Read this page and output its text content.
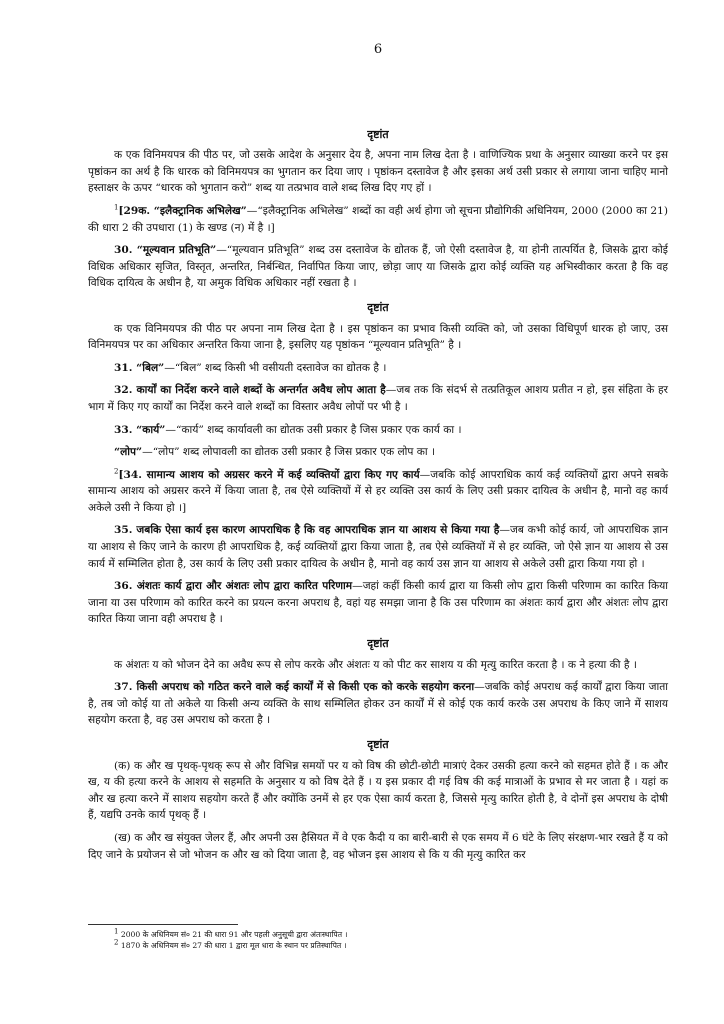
6
दृष्टांत

क एक विनिमयपत्र की पीठ पर, जो उसके आदेश के अनुसार देय है, अपना नाम लिख देता है । वाणिज्यिक प्रथा के अनुसार व्याख्या करने पर इस पृष्ठांकन का अर्थ है कि धारक को विनिमयपत्र का भुगतान कर दिया जाए । पृष्ठांकन दस्तावेज है और इसका अर्थ उसी प्रकार से लगाया जाना चाहिए मानो हस्ताक्षर के ऊपर “धारक को भुगतान करो” शब्द या तत्प्रभाव वाले शब्द लिख दिए गए हों ।

$^1$[29क. “इलैक्ट्रानिक अभिलेख”—“इलैक्ट्रानिक अभिलेख” शब्दों का वही अर्थ होगा जो सूचना प्रौद्योगिकी अधिनियम, 2000 (2000 का 21) की धारा 2 की उपधारा (1) के खण्ड (न) में है ।]

30. “मूल्यवान प्रतिभूति”—“मूल्यवान प्रतिभूति” शब्द उस दस्तावेज के द्योतक हैं, जो ऐसी दस्तावेज है, या होनी तात्पर्यित है, जिसके द्वारा कोई विधिक अधिकार सृजित, विस्तृत, अन्तरित, निर्बन्धित, निर्वापित किया जाए, छोड़ा जाए या जिसके द्वारा कोई व्यक्ति यह अभिस्वीकार करता है कि वह विधिक दायित्व के अधीन है, या अमुक विधिक अधिकार नहीं रखता है ।

दृष्टांत

क एक विनिमयपत्र की पीठ पर अपना नाम लिख देता है । इस पृष्ठांकन का प्रभाव किसी व्यक्ति को, जो उसका विधिपूर्ण धारक हो जाए, उस विनिमयपत्र पर का अधिकार अन्तरित किया जाना है, इसलिए यह पृष्ठांकन “मूल्यवान प्रतिभूति” है ।

31. “बिल”—“बिल” शब्द किसी भी वसीयती दस्तावेज का द्योतक है ।

32. कार्यों का निर्देश करने वाले शब्दों के अन्तर्गत अवैध लोप आता है—जब तक कि संदर्भ से तत्प्रतिकूल आशय प्रतीत न हो, इस संहिता के हर भाग में किए गए कार्यों का निर्देश करने वाले शब्दों का विस्तार अवैध लोपों पर भी है ।

33. “कार्य”—“कार्य” शब्द कार्यावली का द्योतक उसी प्रकार है जिस प्रकार एक कार्य का ।

“लोप”—“लोप” शब्द लोपावली का द्योतक उसी प्रकार है जिस प्रकार एक लोप का ।

$^2$[34. सामान्य आशय को अग्रसर करने में कई व्यक्तियों द्वारा किए गए कार्य—जबकि कोई आपराधिक कार्य कई व्यक्तियों द्वारा अपने सबके सामान्य आशय को अग्रसर करने में किया जाता है, तब ऐसे व्यक्तियों में से हर व्यक्ति उस कार्य के लिए उसी प्रकार दायित्व के अधीन है, मानो वह कार्य अकेले उसी ने किया हो ।]

35. जबकि ऐसा कार्य इस कारण आपराधिक है कि वह आपराधिक ज्ञान या आशय से किया गया है—जब कभी कोई कार्य, जो आपराधिक ज्ञान या आशय से किए जाने के कारण ही आपराधिक है, कई व्यक्तियों द्वारा किया जाता है, तब ऐसे व्यक्तियों में से हर व्यक्ति, जो ऐसे ज्ञान या आशय से उस कार्य में सम्मिलित होता है, उस कार्य के लिए उसी प्रकार दायित्व के अधीन है, मानो वह कार्य उस ज्ञान या आशय से अकेले उसी द्वारा किया गया हो ।

36. अंशतः कार्य द्वारा और अंशतः लोप द्वारा कारित परिणाम—जहां कहीं किसी कार्य द्वारा या किसी लोप द्वारा किसी परिणाम का कारित किया जाना या उस परिणाम को कारित करने का प्रयत्न करना अपराध है, वहां यह समझा जाना है कि उस परिणाम का अंशतः कार्य द्वारा और अंशतः लोप द्वारा कारित किया जाना वही अपराध है ।

दृष्टांत

क अंशतः य को भोजन देने का अवैध रूप से लोप करके और अंशतः य को पीट कर साशय य की मृत्यु कारित करता है । क ने हत्या की है ।

37. किसी अपराध को गठित करने वाले कई कार्यों में से किसी एक को करके सहयोग करना—जबकि कोई अपराध कई कार्यों द्वारा किया जाता है, तब जो कोई या तो अकेले या किसी अन्य व्यक्ति के साथ सम्मिलित होकर उन कार्यों में से कोई एक कार्य करके उस अपराध के किए जाने में साशय सहयोग करता है, वह उस अपराध को करता है ।

दृष्टांत

(क) क और ख पृथक्-पृथक् रूप से और विभिन्न समयों पर य को विष की छोटी-छोटी मात्राएं देकर उसकी हत्या करने को सहमत होते हैं । क और ख, य की हत्या करने के आशय से सहमति के अनुसार य को विष देते हैं । य इस प्रकार दी गई विष की कई मात्राओं के प्रभाव से मर जाता है । यहां क और ख हत्या करने में साशय सहयोग करते हैं और क्योंकि उनमें से हर एक ऐसा कार्य करता है, जिससे मृत्यु कारित होती है, वे दोनों इस अपराध के दोषी हैं, यद्यपि उनके कार्य पृथक् हैं ।

(ख) क और ख संयुक्त जेलर हैं, और अपनी उस हैसियत में वे एक कैदी य का बारी-बारी से एक समय में 6 घंटे के लिए संरक्षण-भार रखते हैं य को दिए जाने के प्रयोजन से जो भोजन क और ख को दिया जाता है, वह भोजन इस आशय से कि य की मृत्यु कारित कर

$^1$ 2000 के अधिनियम सं० 21 की धारा 91 और पहली अनुसूची द्वारा अंतःस्थापित ।

$^2$ 1870 के अधिनियम सं० 27 की धारा 1 द्वारा मूल धारा के स्थान पर प्रतिस्थापित ।
